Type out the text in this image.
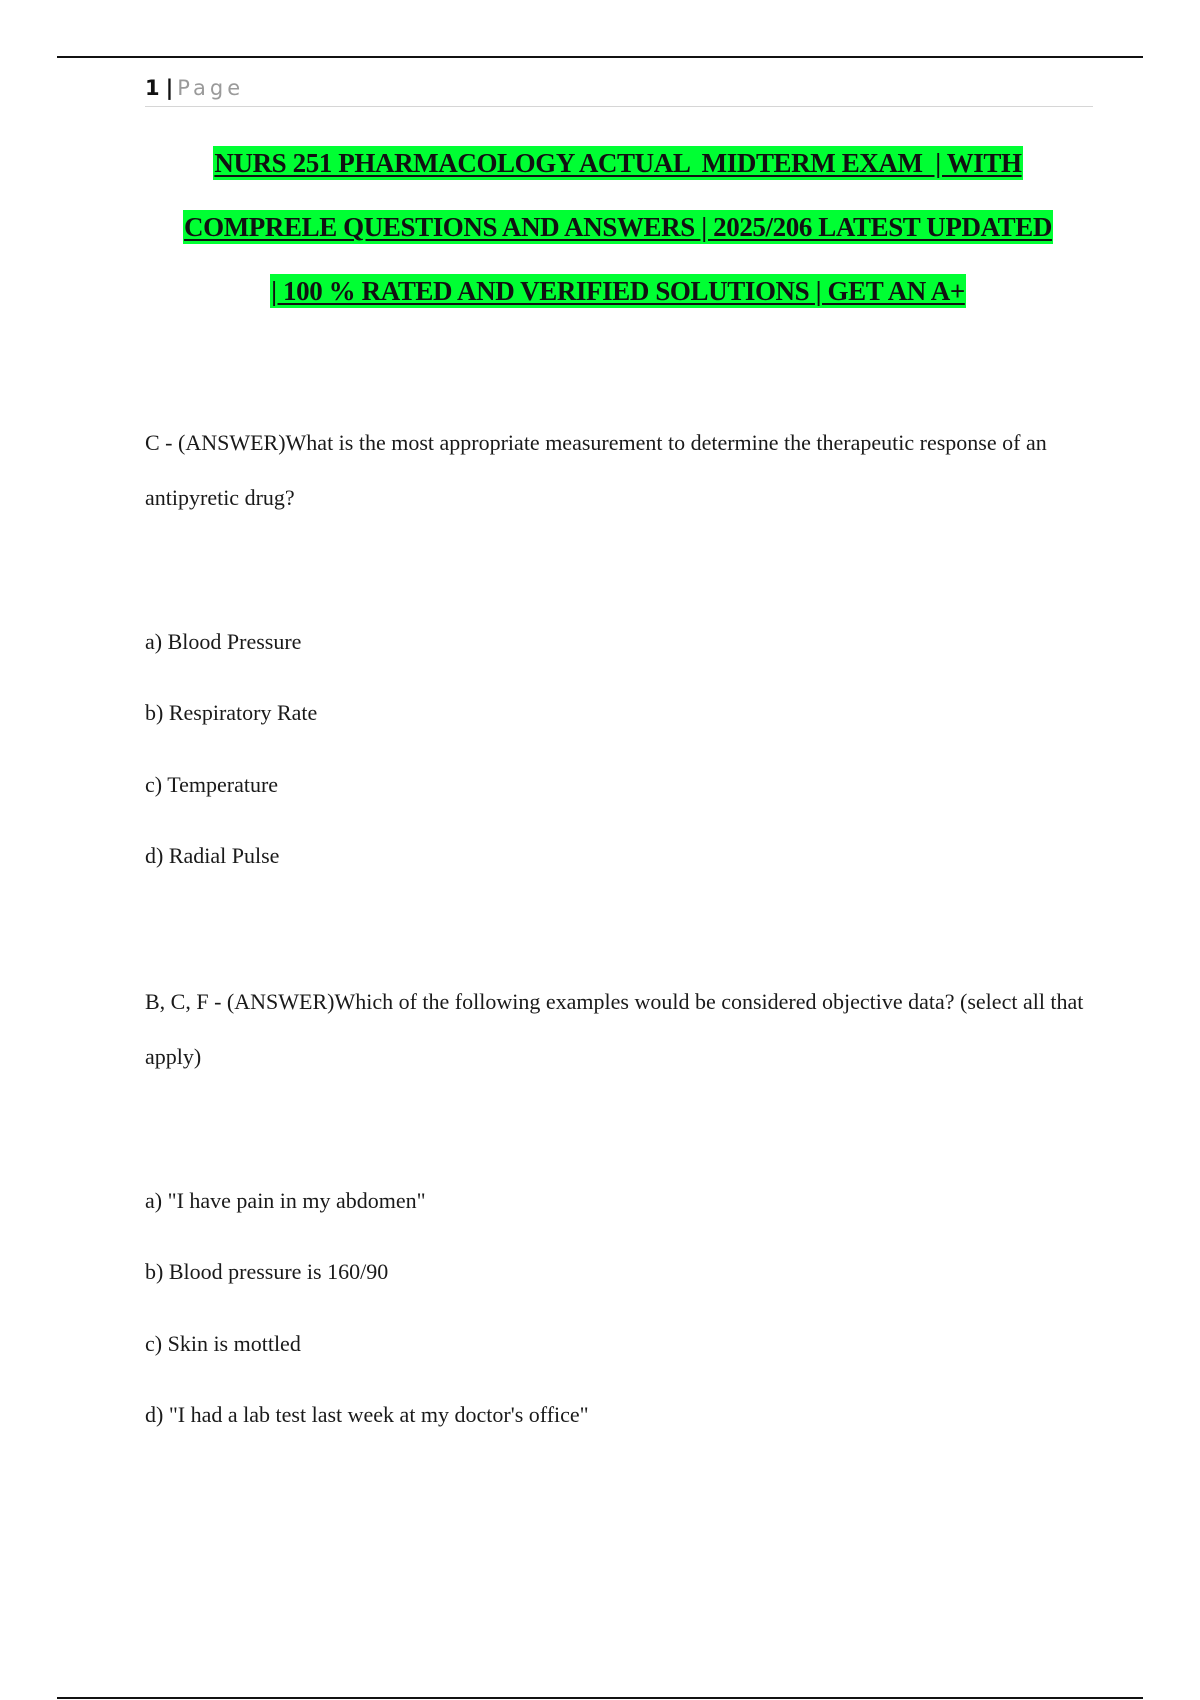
1 | Page

NURS 251 PHARMACOLOGY ACTUAL  MIDTERM EXAM  | WITH

COMPRELE QUESTIONS AND ANSWERS | 2025/206 LATEST UPDATED

| 100 % RATED AND VERIFIED SOLUTIONS | GET AN A+

C - (ANSWER)What is the most appropriate measurement to determine the therapeutic response of an antipyretic drug?

a) Blood Pressure
b) Respiratory Rate
c) Temperature
d) Radial Pulse

B, C, F - (ANSWER)Which of the following examples would be considered objective data? (select all that apply)

a) "I have pain in my abdomen"
b) Blood pressure is 160/90
c) Skin is mottled
d) "I had a lab test last week at my doctor's office"
